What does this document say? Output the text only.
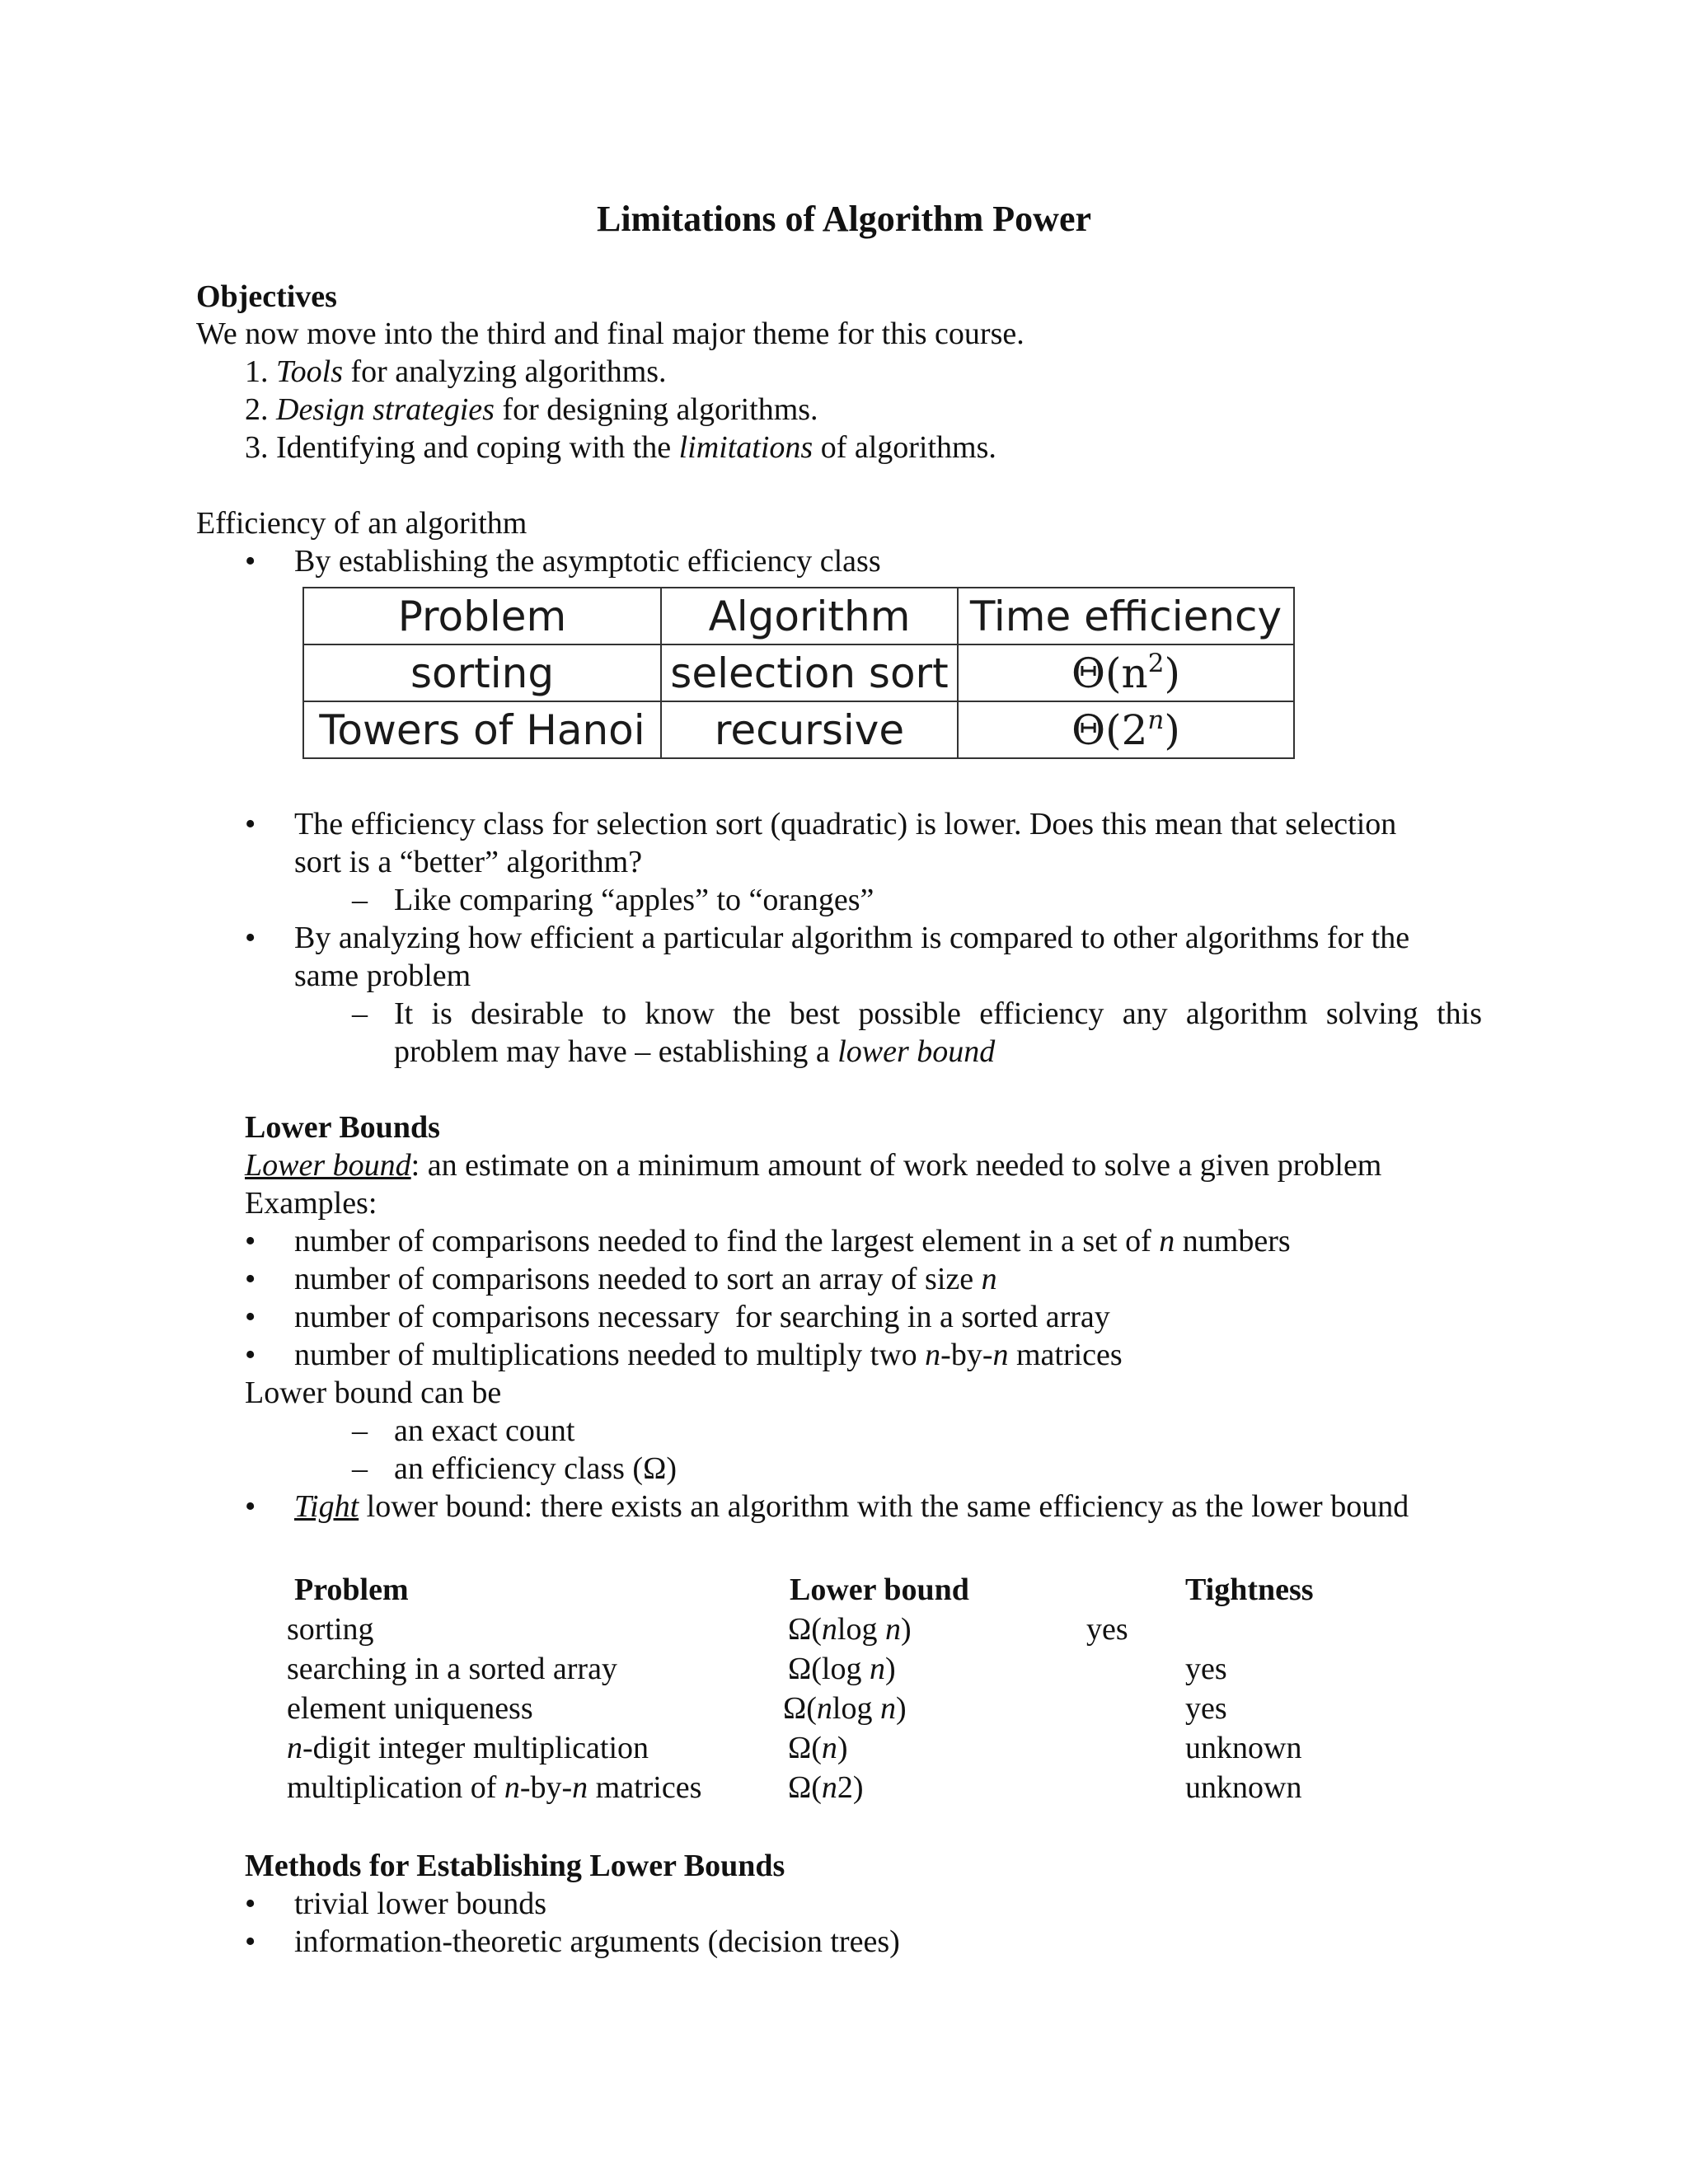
Limitations of Algorithm Power
Objectives
We now move into the third and final major theme for this course.
1. Tools for analyzing algorithms.
2. Design strategies for designing algorithms.
3. Identifying and coping with the limitations of algorithms.
Efficiency of an algorithm
• By establishing the asymptotic efficiency class
Problem	Algorithm	Time efficiency
sorting	selection sort	$\Theta(n^2)$
Towers of Hanoi	recursive	Θ(2$^n$)
• The efficiency class for selection sort (quadratic) is lower. Does this mean that selection
sort is a “better” algorithm?
– Like comparing “apples” to “oranges”
• By analyzing how efficient a particular algorithm is compared to other algorithms for the
same problem
– It is desirable to know the best possible efficiency any algorithm solving this
problem may have – establishing a lower bound
Lower Bounds
Lower bound: an estimate on a minimum amount of work needed to solve a given problem
Examples:
• number of comparisons needed to find the largest element in a set of n numbers
• number of comparisons needed to sort an array of size n
• number of comparisons necessary  for searching in a sorted array
• number of multiplications needed to multiply two n-by-n matrices
Lower bound can be
– an exact count
– an efficiency class (Ω)
• Tight lower bound: there exists an algorithm with the same efficiency as the lower bound
Problem	Lower bound	Tightness
sorting	Ω(nlog n)	yes
searching in a sorted array	Ω(log n)	yes
element uniqueness	Ω(nlog n)	yes
n-digit integer multiplication	Ω(n)	unknown
multiplication of n-by-n matrices	Ω(n2)	unknown
Methods for Establishing Lower Bounds
• trivial lower bounds
• information-theoretic arguments (decision trees)
